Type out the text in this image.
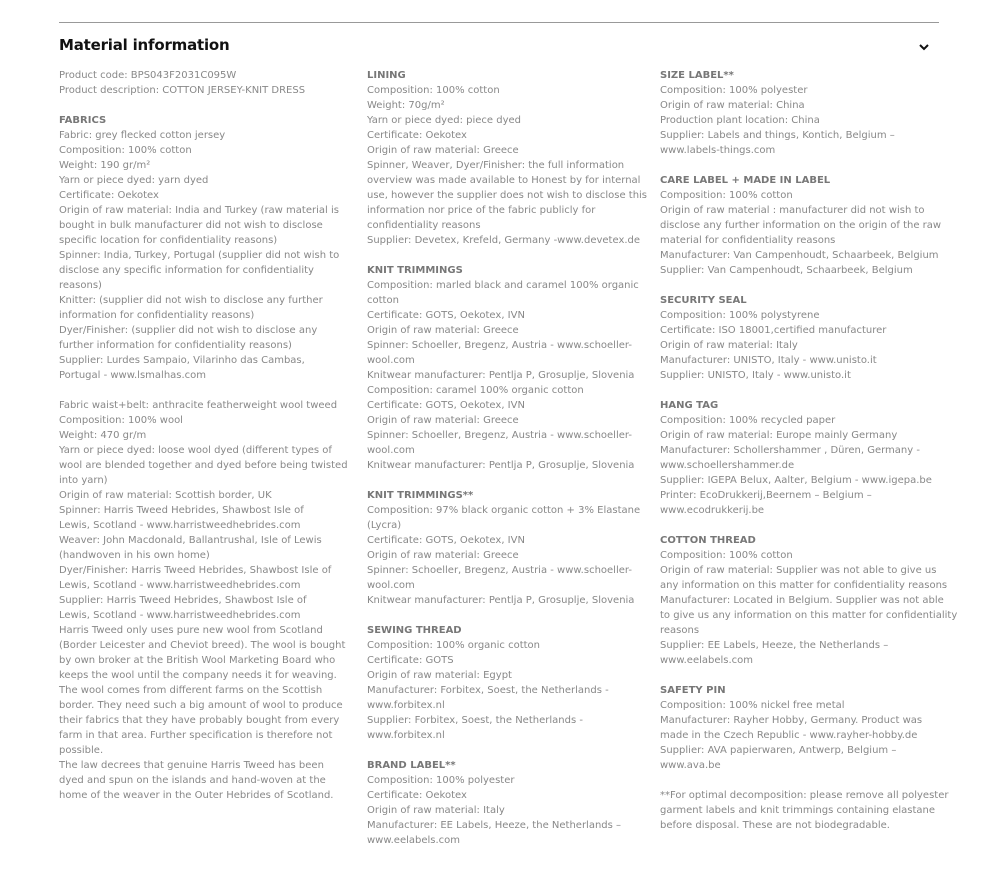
Material information
Product code: BPS043F2031C095W
Product description: COTTON JERSEY-KNIT DRESS
FABRICS
Fabric: grey flecked cotton jersey
Composition: 100% cotton
Weight: 190 gr/m²
Yarn or piece dyed: yarn dyed
Certificate: Oekotex
Origin of raw material: India and Turkey (raw material is
bought in bulk manufacturer did not wish to disclose
specific location for confidentiality reasons)
Spinner: India, Turkey, Portugal (supplier did not wish to
disclose any specific information for confidentiality
reasons)
Knitter: (supplier did not wish to disclose any further
information for confidentiality reasons)
Dyer/Finisher: (supplier did not wish to disclose any
further information for confidentiality reasons)
Supplier: Lurdes Sampaio, Vilarinho das Cambas,
Portugal - www.lsmalhas.com
Fabric waist+belt: anthracite featherweight wool tweed
Composition: 100% wool
Weight: 470 gr/m
Yarn or piece dyed: loose wool dyed (different types of
wool are blended together and dyed before being twisted
into yarn)
Origin of raw material: Scottish border, UK
Spinner: Harris Tweed Hebrides, Shawbost Isle of
Lewis, Scotland - www.harristweedhebrides.com
Weaver: John Macdonald, Ballantrushal, Isle of Lewis
(handwoven in his own home)
Dyer/Finisher: Harris Tweed Hebrides, Shawbost Isle of
Lewis, Scotland - www.harristweedhebrides.com
Supplier: Harris Tweed Hebrides, Shawbost Isle of
Lewis, Scotland - www.harristweedhebrides.com
Harris Tweed only uses pure new wool from Scotland
(Border Leicester and Cheviot breed). The wool is bought
by own broker at the British Wool Marketing Board who
keeps the wool until the company needs it for weaving.
The wool comes from different farms on the Scottish
border. They need such a big amount of wool to produce
their fabrics that they have probably bought from every
farm in that area. Further specification is therefore not
possible.
The law decrees that genuine Harris Tweed has been
dyed and spun on the islands and hand-woven at the
home of the weaver in the Outer Hebrides of Scotland.
LINING
Composition: 100% cotton
Weight: 70g/m²
Yarn or piece dyed: piece dyed
Certificate: Oekotex
Origin of raw material: Greece
Spinner, Weaver, Dyer/Finisher: the full information
overview was made available to Honest by for internal
use, however the supplier does not wish to disclose this
information nor price of the fabric publicly for
confidentiality reasons
Supplier: Devetex, Krefeld, Germany -www.devetex.de
KNIT TRIMMINGS
Composition: marled black and caramel 100% organic
cotton
Certificate: GOTS, Oekotex, IVN
Origin of raw material: Greece
Spinner: Schoeller, Bregenz, Austria - www.schoeller-
wool.com
Knitwear manufacturer: Pentlja P, Grosuplje, Slovenia
Composition: caramel 100% organic cotton
Certificate: GOTS, Oekotex, IVN
Origin of raw material: Greece
Spinner: Schoeller, Bregenz, Austria - www.schoeller-
wool.com
Knitwear manufacturer: Pentlja P, Grosuplje, Slovenia
KNIT TRIMMINGS**
Composition: 97% black organic cotton + 3% Elastane
(Lycra)
Certificate: GOTS, Oekotex, IVN
Origin of raw material: Greece
Spinner: Schoeller, Bregenz, Austria - www.schoeller-
wool.com
Knitwear manufacturer: Pentlja P, Grosuplje, Slovenia
SEWING THREAD
Composition: 100% organic cotton
Certificate: GOTS
Origin of raw material: Egypt
Manufacturer: Forbitex, Soest, the Netherlands -
www.forbitex.nl
Supplier: Forbitex, Soest, the Netherlands -
www.forbitex.nl
BRAND LABEL**
Composition: 100% polyester
Certificate: Oekotex
Origin of raw material: Italy
Manufacturer: EE Labels, Heeze, the Netherlands –
www.eelabels.com
SIZE LABEL**
Composition: 100% polyester
Origin of raw material: China
Production plant location: China
Supplier: Labels and things, Kontich, Belgium –
www.labels-things.com
CARE LABEL + MADE IN LABEL
Composition: 100% cotton
Origin of raw material : manufacturer did not wish to
disclose any further information on the origin of the raw
material for confidentiality reasons
Manufacturer: Van Campenhoudt, Schaarbeek, Belgium
Supplier: Van Campenhoudt, Schaarbeek, Belgium
SECURITY SEAL
Composition: 100% polystyrene
Certificate: ISO 18001,certified manufacturer
Origin of raw material: Italy
Manufacturer: UNISTO, Italy - www.unisto.it
Supplier: UNISTO, Italy - www.unisto.it
HANG TAG
Composition: 100% recycled paper
Origin of raw material: Europe mainly Germany
Manufacturer: Schollershammer , Düren, Germany -
www.schoellershammer.de
Supplier: IGEPA Belux, Aalter, Belgium - www.igepa.be
Printer: EcoDrukkerij,Beernem – Belgium –
www.ecodrukkerij.be
COTTON THREAD
Composition: 100% cotton
Origin of raw material: Supplier was not able to give us
any information on this matter for confidentiality reasons
Manufacturer: Located in Belgium. Supplier was not able
to give us any information on this matter for confidentiality
reasons
Supplier: EE Labels, Heeze, the Netherlands –
www.eelabels.com
SAFETY PIN
Composition: 100% nickel free metal
Manufacturer: Rayher Hobby, Germany. Product was
made in the Czech Republic - www.rayher-hobby.de
Supplier: AVA papierwaren, Antwerp, Belgium –
www.ava.be
**For optimal decomposition: please remove all polyester
garment labels and knit trimmings containing elastane
before disposal. These are not biodegradable.
